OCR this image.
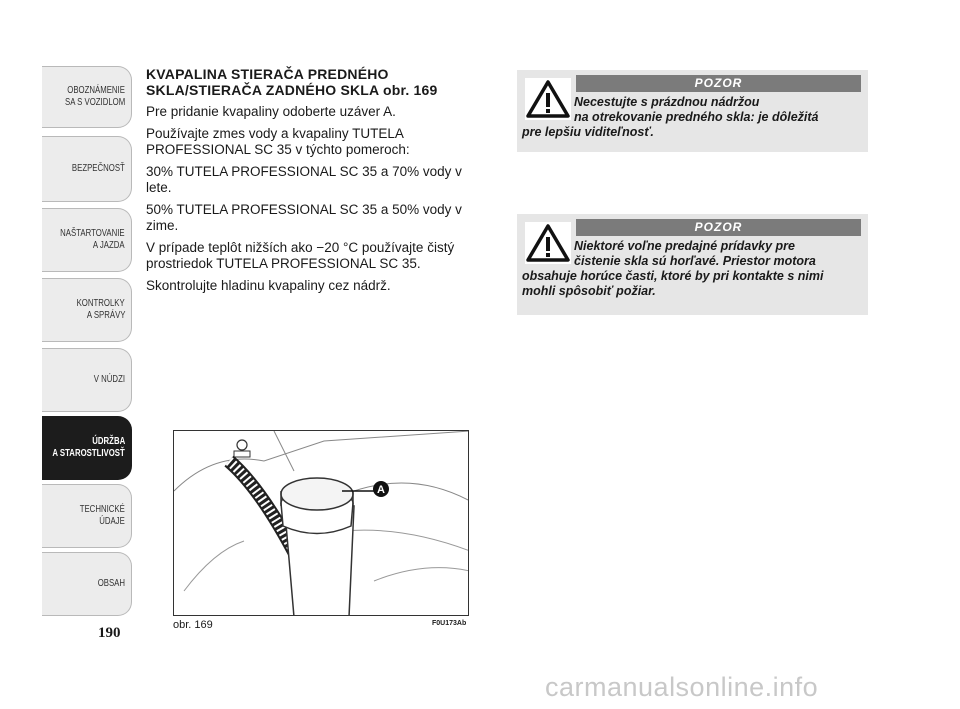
OBOZNÁMENIE
SA S VOZIDLOM
BEZPEČNOSŤ
NAŠTARTOVANIE
A JAZDA
KONTROLKY
A SPRÁVY
V NÚDZI
ÚDRŽBA
A STAROSTLIVOSŤ
TECHNICKÉ
ÚDAJE
OBSAH
190
KVAPALINA STIERAČA PREDNÉHO
SKLA/STIERAČA ZADNÉHO SKLA obr. 169
Pre pridanie kvapaliny odoberte uzáver A.
Používajte zmes vody a kvapaliny TUTELA PROFESSIONAL SC 35 v týchto pomeroch:
30% TUTELA PROFESSIONAL SC 35 a 70% vody v lete.
50% TUTELA PROFESSIONAL SC 35 a 50% vody v zime.
V prípade teplôt nižších ako −20 °C používajte čistý prostriedok TUTELA PROFESSIONAL SC 35.
Skontrolujte hladinu kvapaliny cez nádrž.
POZOR
Necestujte s prázdnou nádržou
na otrekovanie predného skla: je dôležitá
pre lepšiu viditeľnosť.
POZOR
Niektoré voľne predajné prídavky pre
čistenie skla sú horľavé. Priestor motora
obsahuje horúce časti, ktoré by pri kontakte s nimi mohli spôsobiť požiar.
A
obr. 169	F0U173Ab
carmanualsonline.info
